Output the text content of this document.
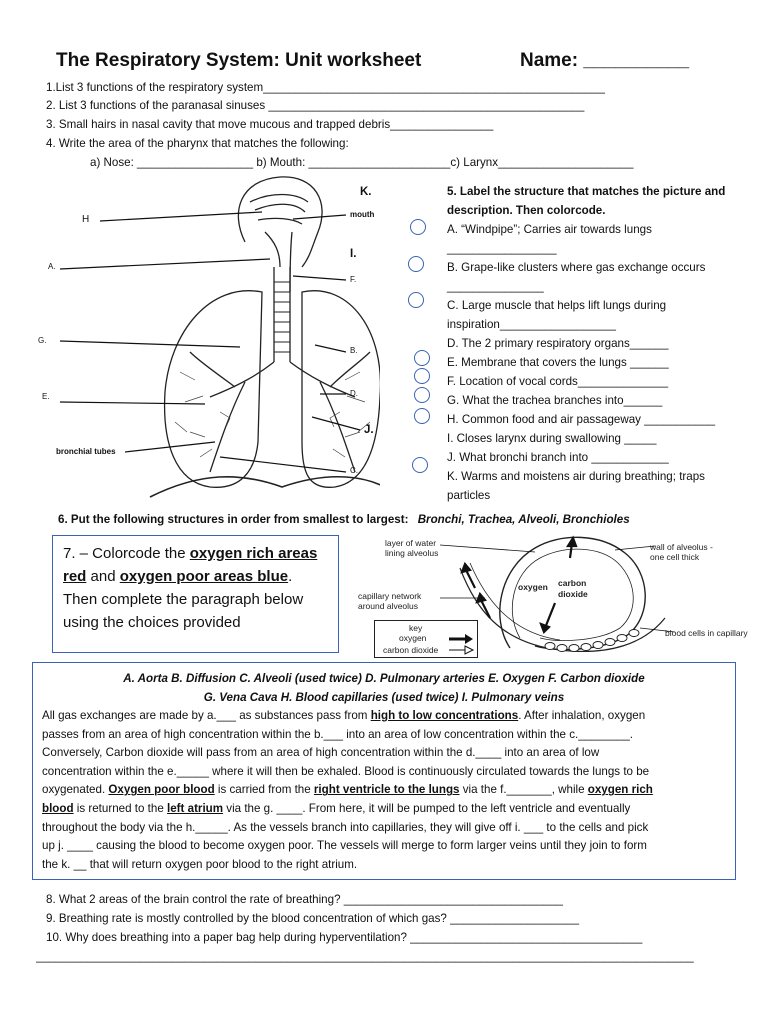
The Respiratory System: Unit worksheet	Name: __________
1.List 3 functions of the respiratory system_____________________________________________________
2. List 3 functions of the paranasal sinuses _________________________________________________
3. Small hairs in nasal cavity that move mucous and trapped debris________________
4. Write the area of the pharynx that matches the following:
a) Nose: __________________ b) Mouth: ______________________c) Larynx_____________________
K.
mouth
H
I.
A.
F.
G.
B.
E.	D.
J.
bronchial tubes
C.
5. Label the structure that matches the picture and
description. Then colorcode.
A. “Windpipe”; Carries air towards lungs
_________________
B. Grape-like clusters where gas exchange occurs
_______________
C. Large muscle that helps lift lungs during
inspiration__________________
D. The 2 primary respiratory organs______
E. Membrane that covers the lungs ______
F. Location of vocal cords______________
G. What the trachea branches into______
H. Common food and air passageway ___________
I. Closes larynx during swallowing _____
J. What bronchi branch into ____________
K. Warms and moistens air during breathing; traps
particles
6. Put the following structures in order from smallest to largest: Bronchi, Trachea, Alveoli, Bronchioles
7. – Colorcode the oxygen rich areas
red and oxygen poor areas blue.
Then complete the paragraph below
using the choices provided
layer of water
lining alveolus
wall of alveolus -
one cell thick
capillary network
around alveolus
oxygen carbon
dioxide
blood cells in capillary
key
oxygen
carbon dioxide
A. Aorta B. Diffusion C. Alveoli (used twice) D. Pulmonary arteries E. Oxygen F. Carbon dioxide
G. Vena Cava H. Blood capillaries (used twice) I. Pulmonary veins
All gas exchanges are made by a.___ as substances pass from high to low concentrations. After inhalation, oxygen
passes from an area of high concentration within the b.___ into an area of low concentration within the c.________.
Conversely, Carbon dioxide will pass from an area of high concentration within the d.____ into an area of low
concentration within the e._____ where it will then be exhaled. Blood is continuously circulated towards the lungs to be
oxygenated. Oxygen poor blood is carried from the right ventricle to the lungs via the f._______, while oxygen rich
blood is returned to the left atrium via the g. ____. From here, it will be pumped to the left ventricle and eventually
throughout the body via the h._____. As the vessels branch into capillaries, they will give off i. ___ to the cells and pick
up j. ____ causing the blood to become oxygen poor. The vessels will merge to form larger veins until they join to form
the k. __ that will return oxygen poor blood to the right atrium.
8. What 2 areas of the brain control the rate of breathing? __________________________________
9. Breathing rate is mostly controlled by the blood concentration of which gas? ____________________
10. Why does breathing into a paper bag help during hyperventilation? ____________________________________
______________________________________________________________________________________________________
